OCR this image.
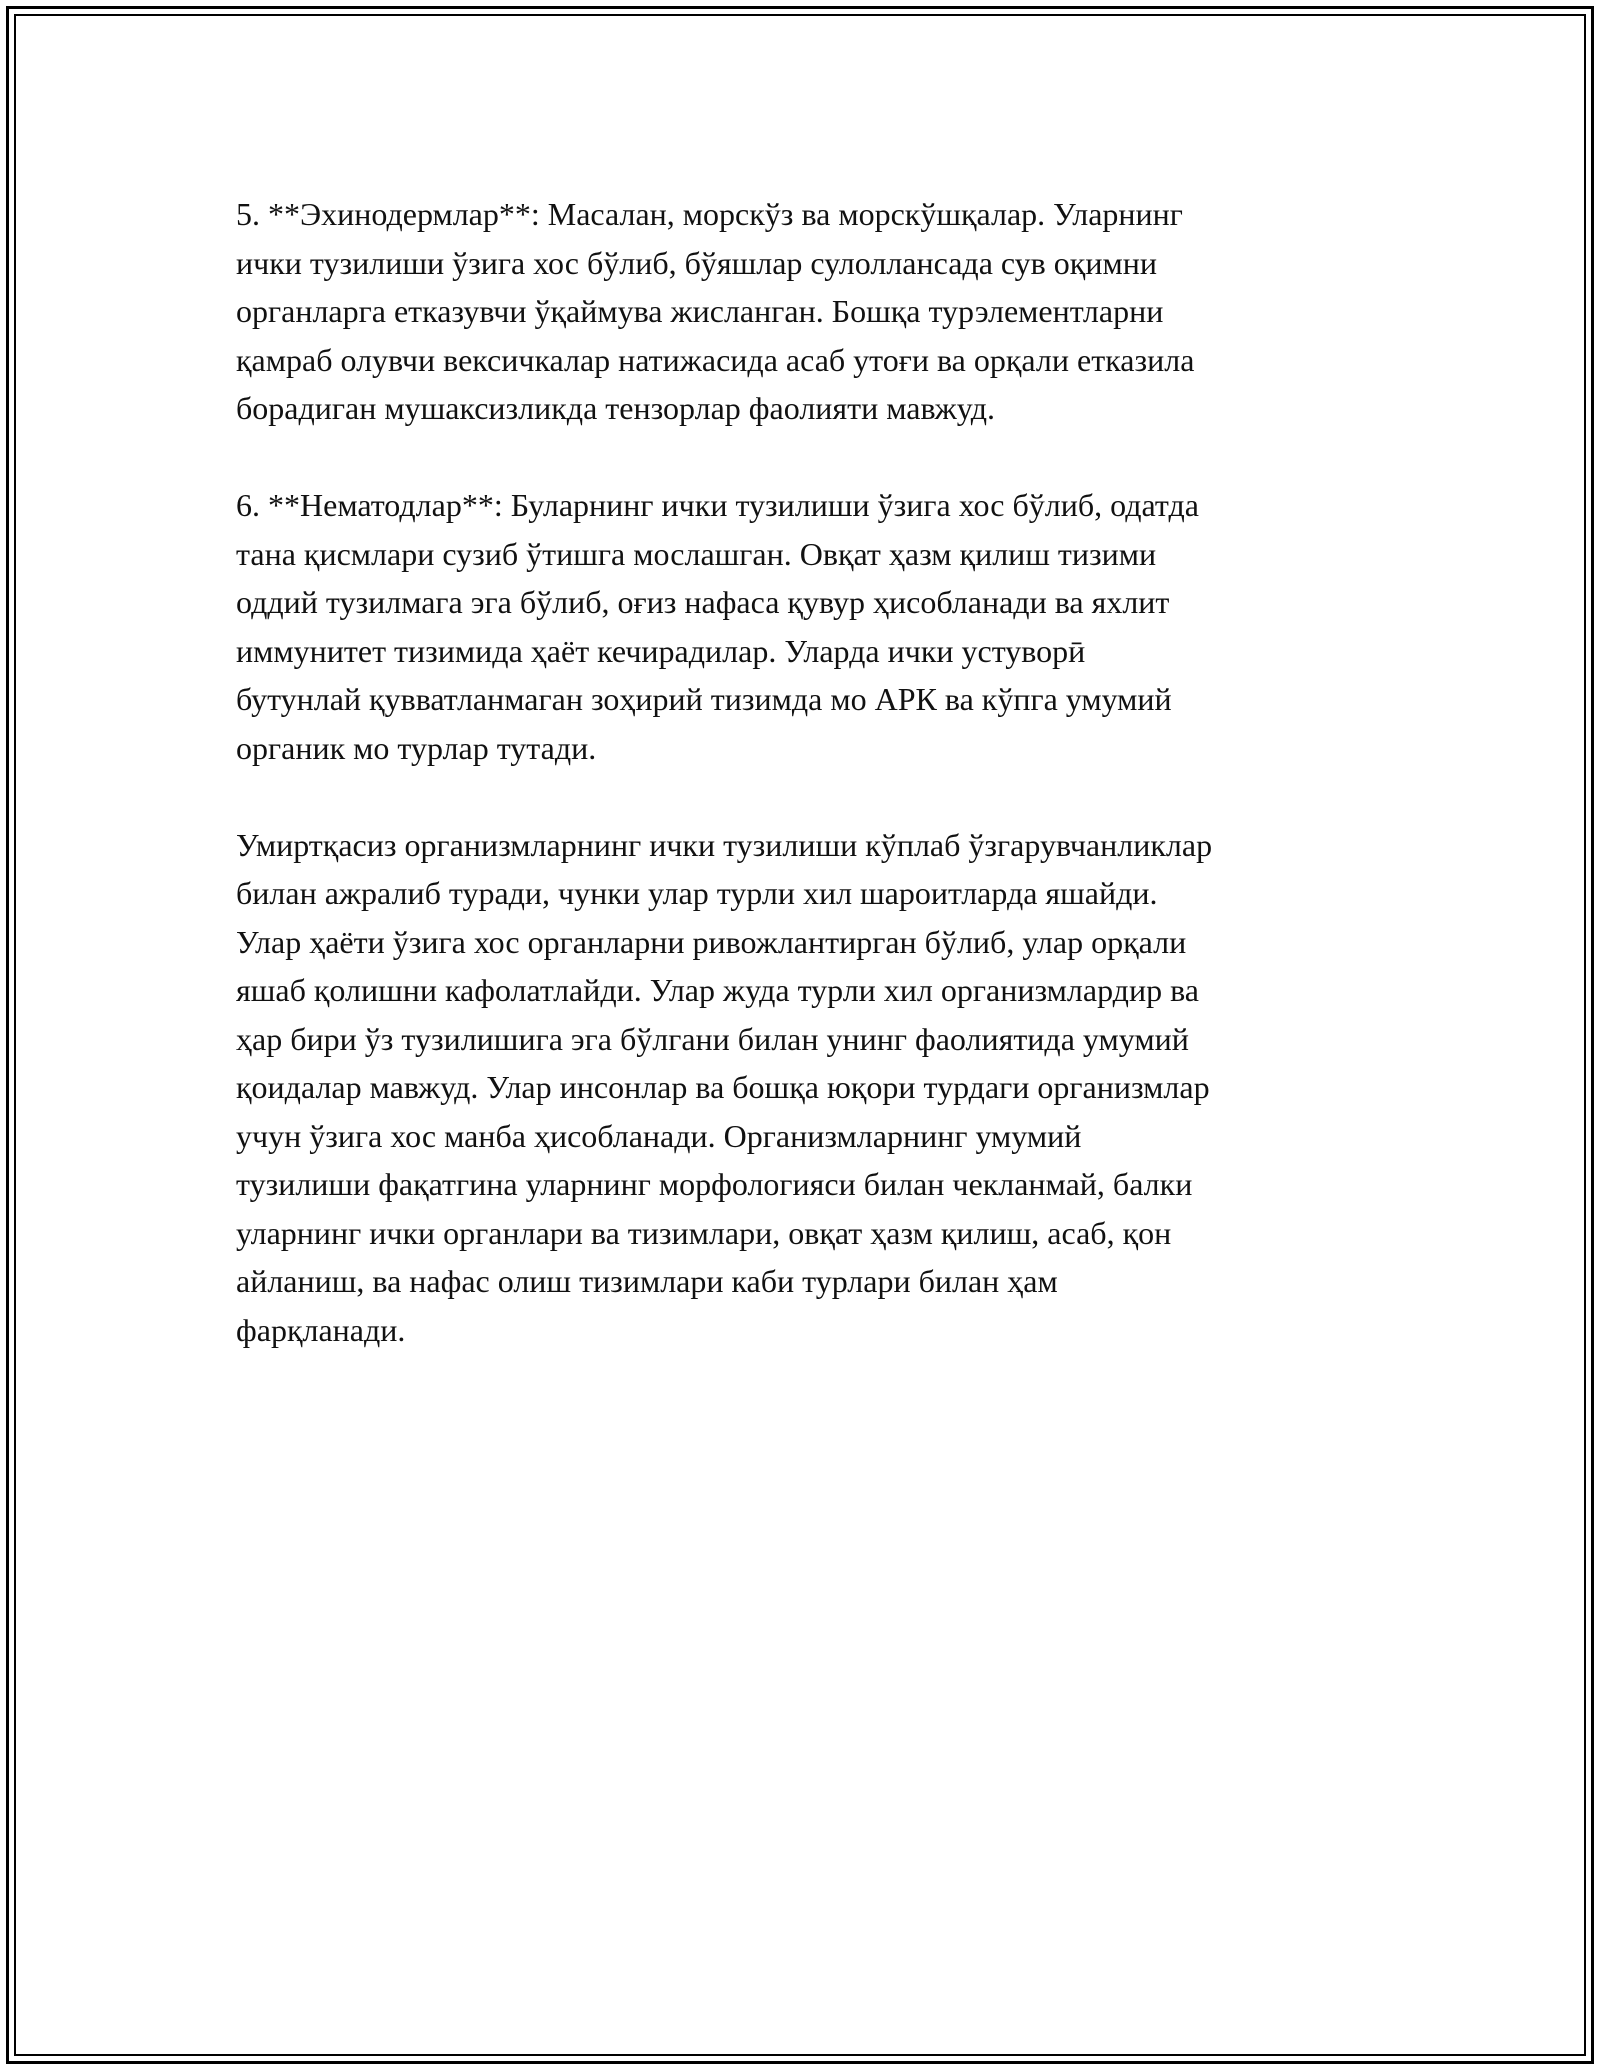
5. **Эхинодермлар**: Масалан, морскўз ва морскўшқалар. Уларнинг
ички тузилиши ўзига хос бўлиб, бўяшлар сулоллансада сув оқимни
органларга етказувчи ўқаймува жисланган. Бошқа турэлементларни
қамраб олувчи вексичкалар натижасида асаб утоғи ва орқали етказила
борадиган мушаксизликда тензорлар фаолияти мавжуд.

6. **Нематодлар**: Буларнинг ички тузилиши ўзига хос бўлиб, одатда
тана қисмлари сузиб ўтишга мослашган. Овқат ҳазм қилиш тизими
оддий тузилмага эга бўлиб, оғиз нафаса қувур ҳисобланади ва яхлит
иммунитет тизимида ҳаёт кечирадилар. Уларда ички устуворӣ
бутунлай қувватланмаган зоҳирий тизимда мо АРК ва кўпга умумий
органик мо турлар тутади.

Умиртқасиз организмларнинг ички тузилиши кўплаб ўзгарувчанликлар
билан ажралиб туради, чунки улар турли хил шароитларда яшайди.
Улар ҳаёти ўзига хос органларни ривожлантирган бўлиб, улар орқали
яшаб қолишни кафолатлайди. Улар жуда турли хил организмлардир ва
ҳар бири ўз тузилишига эга бўлгани билан унинг фаолиятида умумий
қоидалар мавжуд. Улар инсонлар ва бошқа юқори турдаги организмлар
учун ўзига хос манба ҳисобланади. Организмларнинг умумий
тузилиши фақатгина уларнинг морфологияси билан чекланмай, балки
уларнинг ички органлари ва тизимлари, овқат ҳазм қилиш, асаб, қон
айланиш, ва нафас олиш тизимлари каби турлари билан ҳам
фарқланади.
